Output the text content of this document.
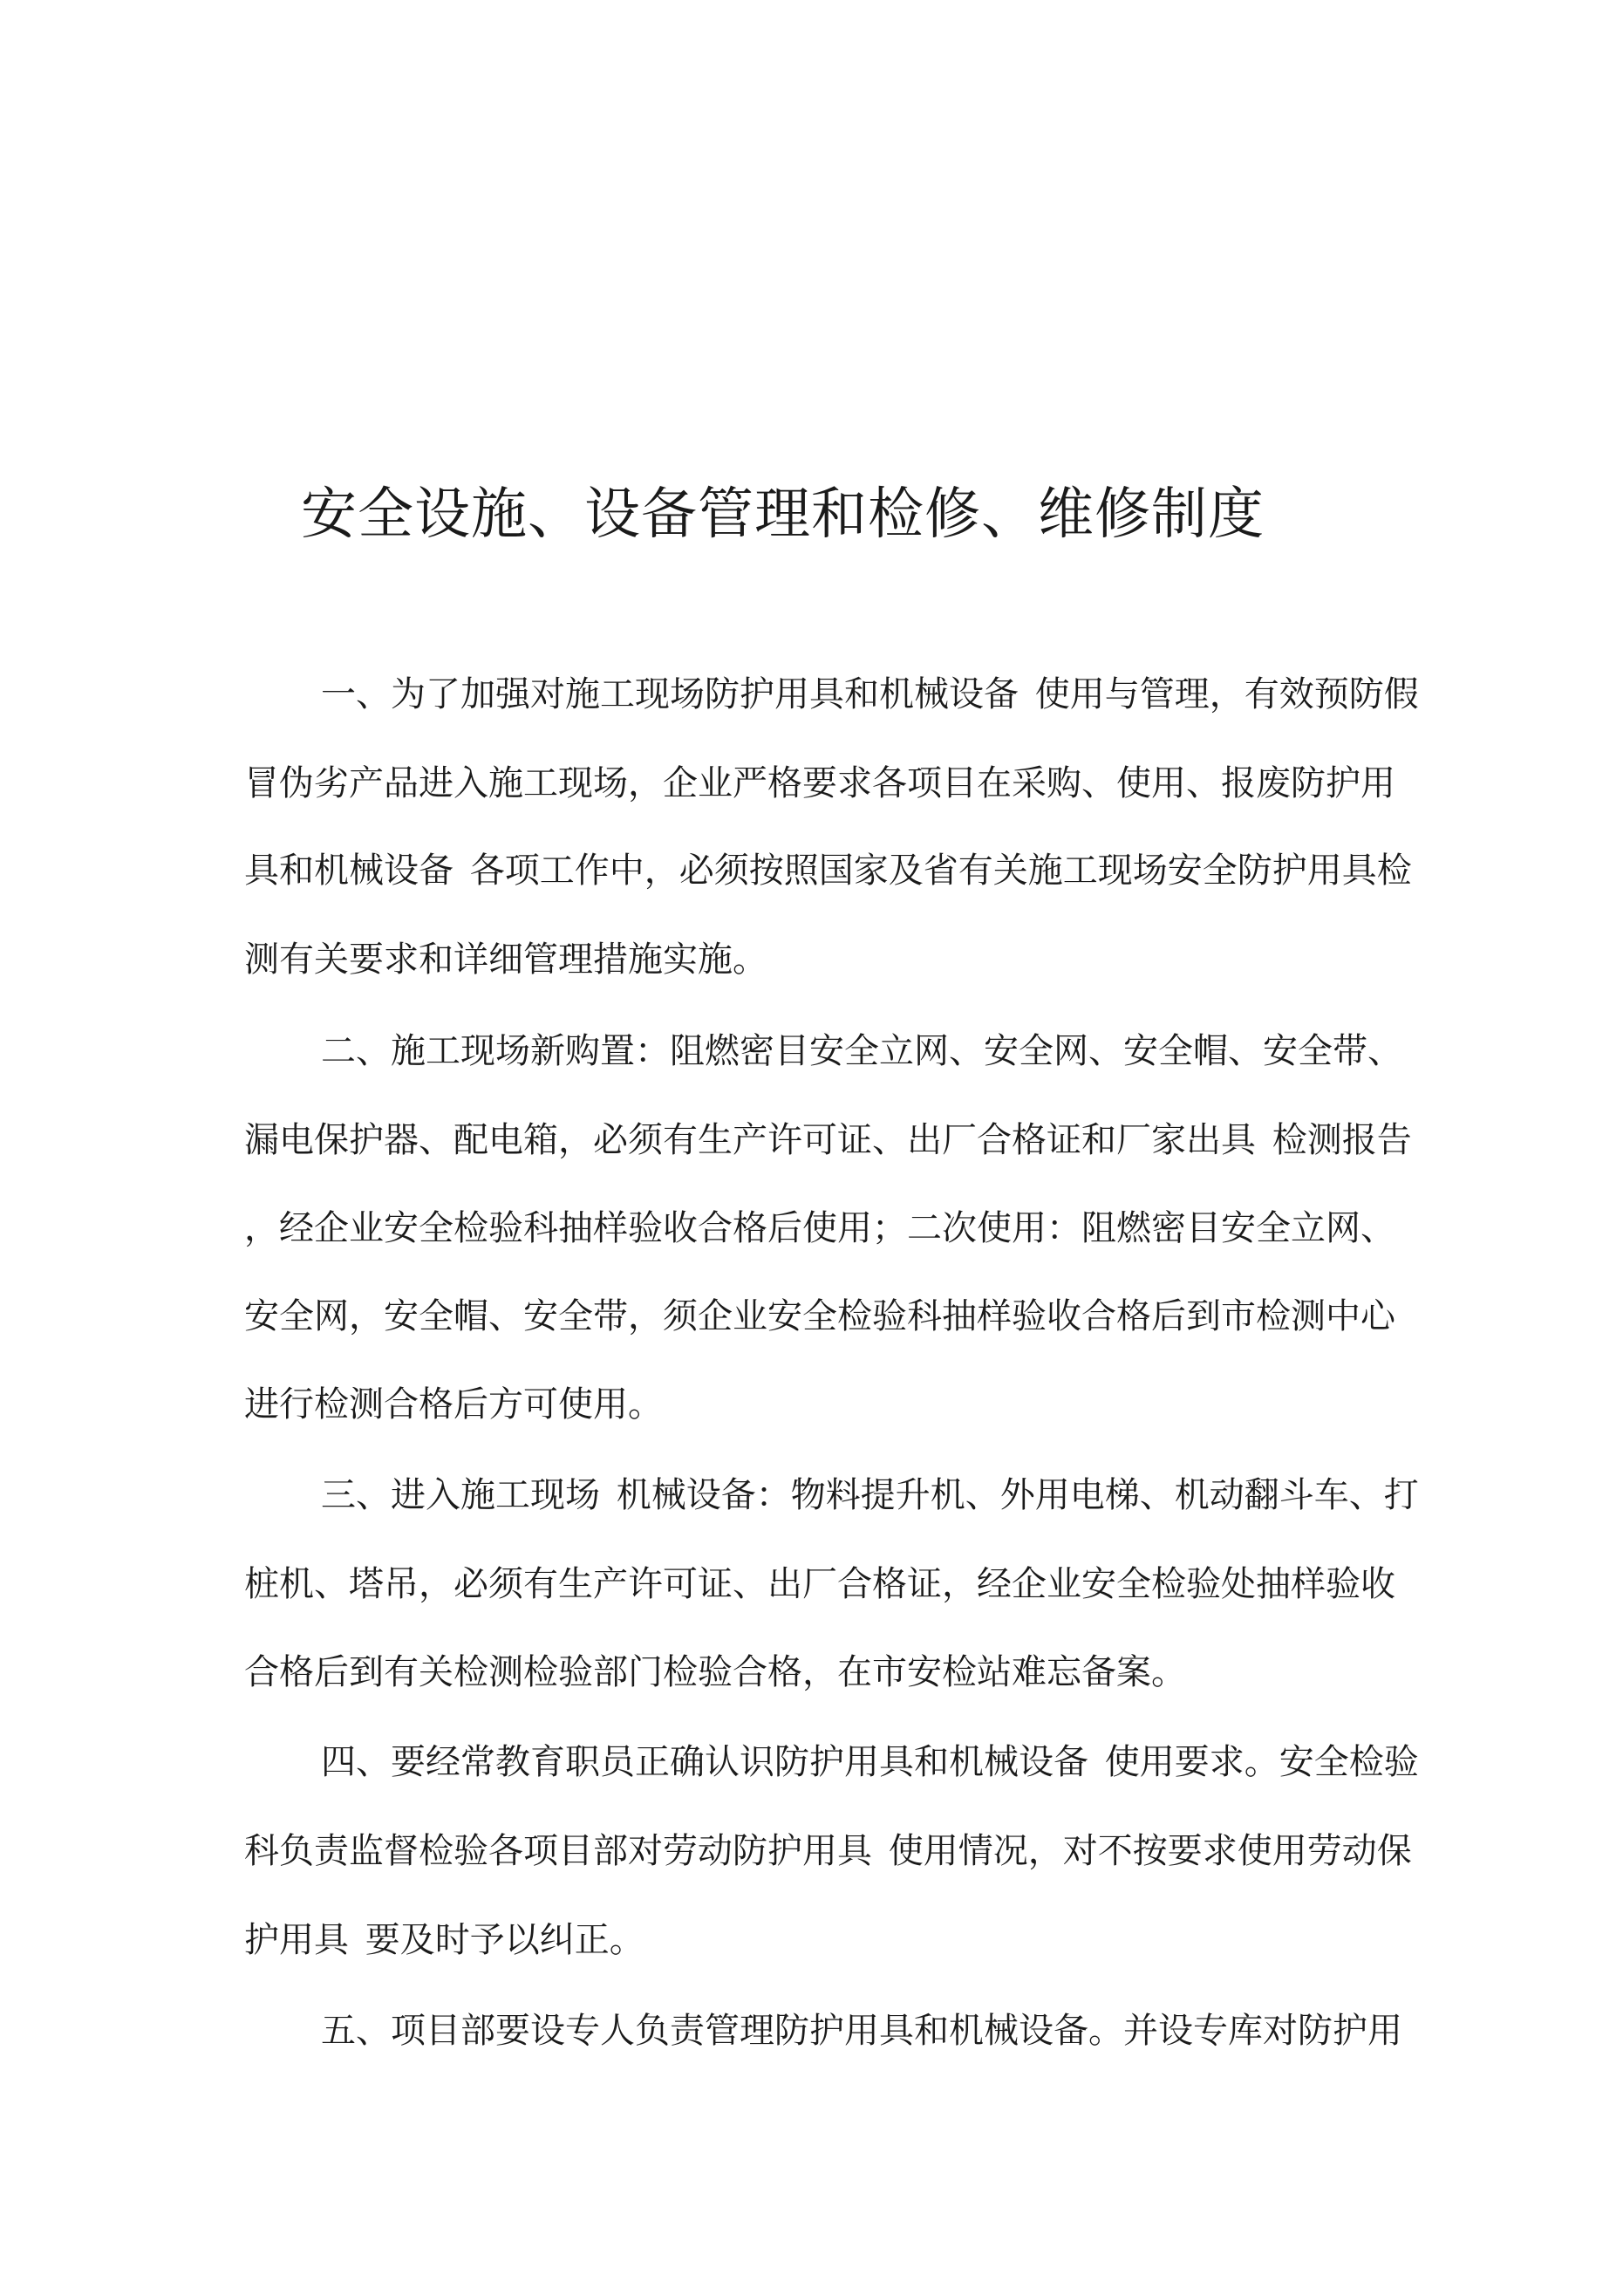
安全设施、设备管理和检修、维修制度

一、为了加强对施工现场防护用具和机械设备 使用与管理，有效预防假

冒伪劣产品进入施工现场，企业严格要求各项目在采购、使用、报废防护用

具和机械设备 各项工作中，必须按照国家及省有关施工现场安全防护用具检

测有关要求和详细管理措施实施。

二、施工现场新购置：阻燃密目安全立网、安全网、安全帽、安全带、

漏电保护器、配电箱，必须有生产许可证、出厂合格证和厂家出具 检测报告

，经企业安全检验科抽样验收合格后使用；二次使用：阻燃密目安全立网、

安全网，安全帽、安全带，须企业安全检验科抽样验收合格后到市检测中心

进行检测合格后方可使用。

三、进入施工现场 机械设备：物料提升机、外用电梯、机动翻斗车、打

桩机、塔吊，必须有生产许可证、出厂合格证，经企业安全检验处抽样验收

合格后到有关检测检验部门检验合格，在市安检站难忘备案。

四、要经常教育职员正确认识防护用具和机械设备 使用要求。安全检验

科负责监督检验各项目部对劳动防护用具 使用情况，对不按要求使用劳动保

护用具 要及时予以纠正。

五、项目部要设专人负责管理防护用具和机械设备。并设专库对防护用
